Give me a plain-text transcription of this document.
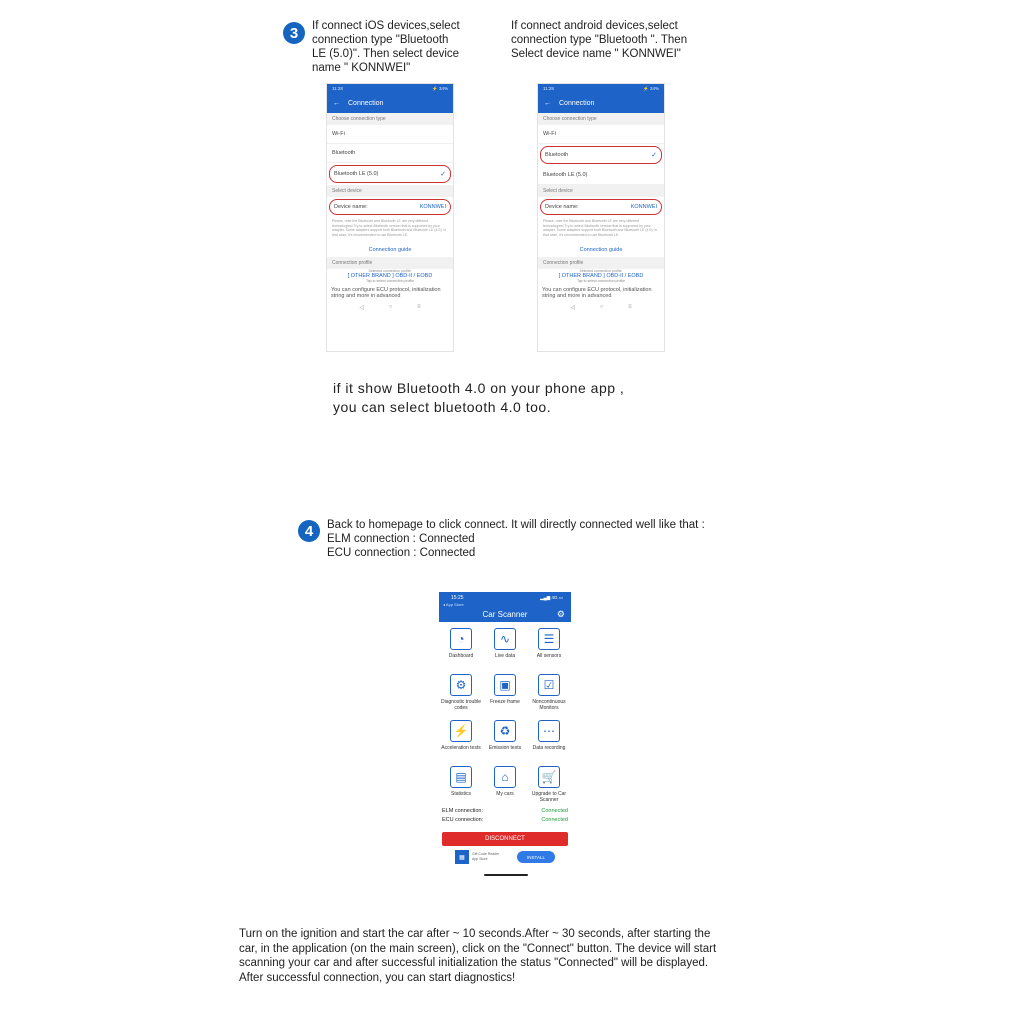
3	If connect iOS devices,select
connection type "Bluetooth
LE (5.0)". Then select device
name " KONNWEI"
If connect android devices,select
connection type "Bluetooth ". Then
Select device name " KONNWEI"
11:28	⚡ 34%
← Connection
Choose connection type
Wi-Fi
Bluetooth
Bluetooth LE (5.0)	✓
Select device
Device name:	KONNWEI
Please, note the Bluetooth and Bluetooth LE are very different technologies! Try to select Bluetooth version that is supported by your adapter. Some adapters support both Bluetooth and Bluetooth LE (4.0); in that case, it's recommended to use Bluetooth LE.
Connection guide
Connection profile
Selected connection profile:
[ OTHER BRAND ] OBD-II / EOBD
Tap to select connection profile
You can configure ECU protocol, initialization string and more in advanced
◁	○	≡
11:28	⚡ 34%
← Connection
Choose connection type
Wi-Fi
Bluetooth	✓
Bluetooth LE (5.0)
Select device
Device name:	KONNWEI
Please, note the Bluetooth and Bluetooth LE are very different technologies! Try to select Bluetooth version that is supported by your adapter. Some adapters support both Bluetooth and Bluetooth LE (4.0); in that case, it's recommended to use Bluetooth LE.
Connection guide
Connection profile
Selected connection profile:
[ OTHER BRAND ] OBD-II / EOBD
Tap to select connection profile
You can configure ECU protocol, initialization string and more in advanced
◁	○	≡
if it show Bluetooth 4.0 on your phone app ,
you can select bluetooth 4.0 too.
4	Back to homepage to click connect. It will directly connected well like that :
ELM connection : Connected
ECU connection : Connected
15:25
◂ App Store
▂▄▆ 4G ▭
Car Scanner	⚙
◔
Dashboard
∿
Live data
☰
All sensors
⚙
Diagnostic trouble codes
▣
Freeze frame
☑
Noncontinuous Monitors
⚡
Acceleration tests
♻
Emission tests
⋯
Data recording
▤
Statistics
⌂
My cars
🛒
Upgrade to Car Scanner
ELM connection:	Connected
ECU connection:	Connected
DISCONNECT
▦
Gift Code Reader
App Store	INSTALL
Turn on the ignition and start the car after ~ 10 seconds.After ~ 30 seconds, after starting the
car, in the application (on the main screen), click on the "Connect" button. The device will start
scanning your car and after successful initialization the status "Connected" will be displayed.
After successful connection, you can start diagnostics!
